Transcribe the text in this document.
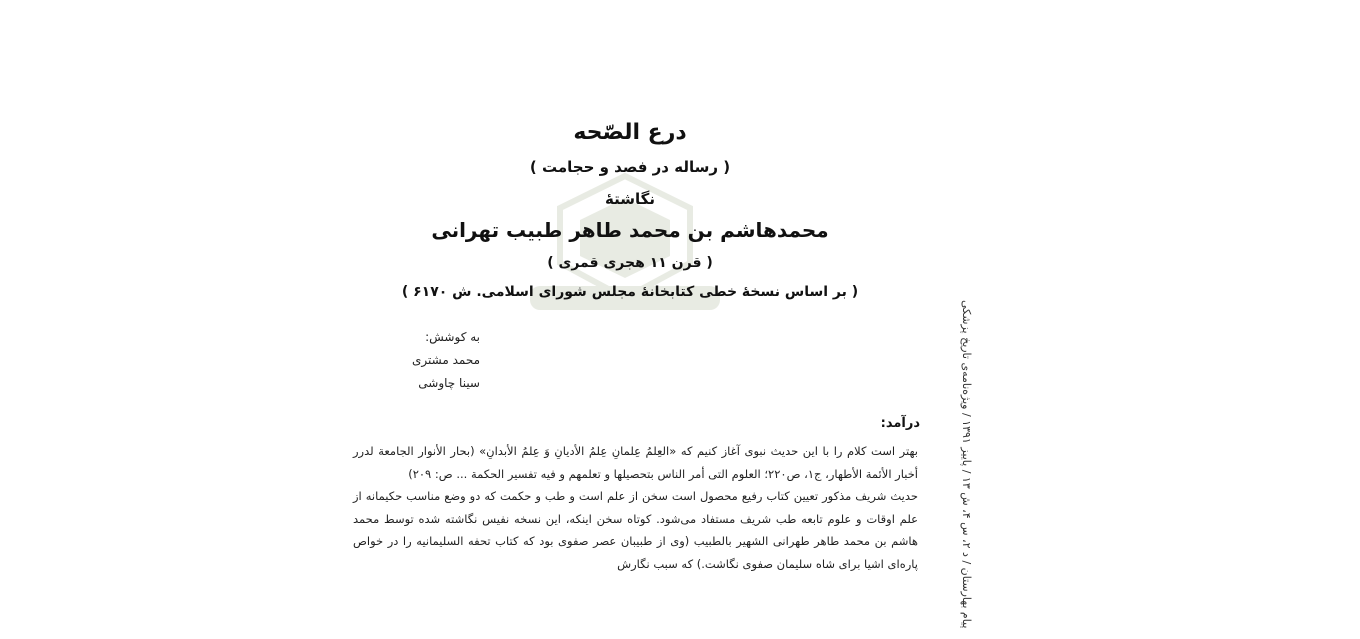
درع الصّحه
( رساله در فصد و حجامت )
نگاشتهٔ
محمدهاشم بن محمد طاهر طبیب تهرانی
( قرن ۱۱ هجری قمری )
( بر اساس نسخهٔ خطی کتابخانهٔ مجلس شورای اسلامی. ش ۶۱۷۰ )
به کوشش:
محمد مشتری
سینا چاوشی
درآمد:

بهتر است کلام را با این حدیث نبوی آغاز کنیم که «العِلمُ عِلمانِ عِلمُ الأدیانِ وَ عِلمُ الأبدانِ» (بحار الأنوار الجامعة لدرر أخبار الأئمة الأطهار، ج۱، ص۲۲۰؛ العلوم التی أمر الناس بتحصیلها و تعلمهم و فیه تفسیر الحکمة ... ص: ۲۰۹)

حدیث شریف مذکور تعیین کتاب رفیع محصول است سخن از علم است و طب و حکمت که دو وضع مناسب حکیمانه از علم اوقات و علوم تابعه طب شریف مستفاد می‌شود. کوتاه سخن اینکه، این نسخه نفیس نگاشته شده توسط محمد هاشم بن محمد طاهر طهرانی الشهیر بالطبیب (وی از طبیبان عصر صفوی بود که کتاب تحفه السلیمانیه را در خواص پاره‌ای اشیا برای شاه سلیمان صفوی نگاشت.) که سبب نگارش

پیام بهارستان / د ۲، س ۴، ش ۱۳ / پاییز ۱۳۹۱ / ویژه‌نامه‌ی تاریخ پزشکی
